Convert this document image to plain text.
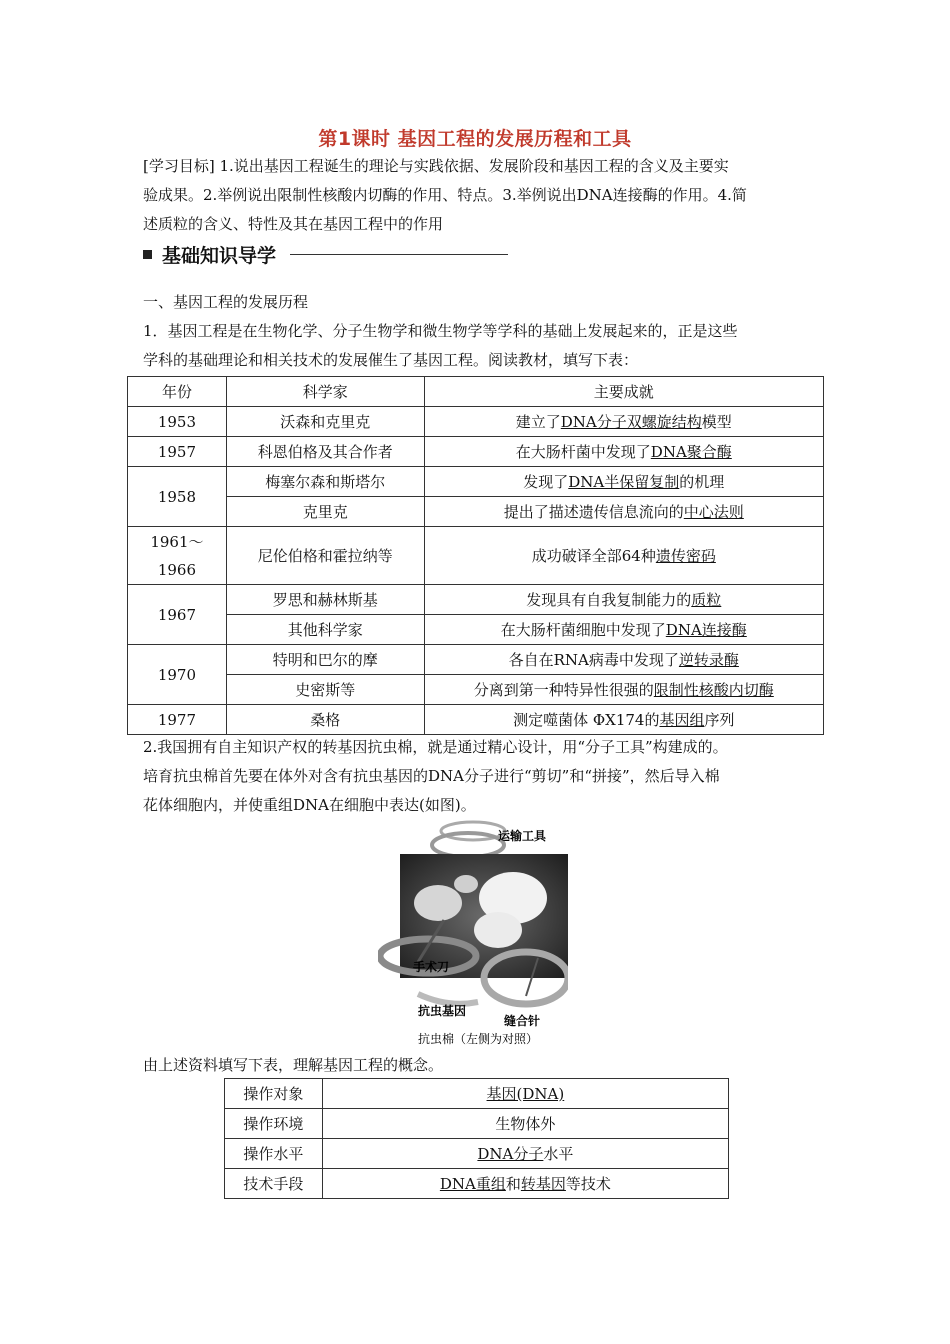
第1课时 基因工程的发展历程和工具
[学习目标] 1.说出基因工程诞生的理论与实践依据、发展阶段和基因工程的含义及主要实
验成果。2.举例说出限制性核酸内切酶的作用、特点。3.举例说出DNA连接酶的作用。4.简
述质粒的含义、特性及其在基因工程中的作用
基础知识导学
一、基因工程的发展历程
1．基因工程是在生物化学、分子生物学和微生物学等学科的基础上发展起来的，正是这些
学科的基础理论和相关技术的发展催生了基因工程。阅读教材，填写下表：
年份	科学家	主要成就
1953	沃森和克里克	建立了DNA分子双螺旋结构模型
1957	科恩伯格及其合作者	在大肠杆菌中发现了DNA聚合酶
1958	梅塞尔森和斯塔尔	发现了DNA半保留复制的机理
	克里克	提出了描述遗传信息流向的中心法则

1961～
1966	尼伦伯格和霍拉纳等	成功破译全部64种遗传密码
1967	罗思和赫林斯基	发现具有自我复制能力的质粒
	其他科学家	在大肠杆菌细胞中发现了DNA连接酶
1970	特明和巴尔的摩	各自在RNA病毒中发现了逆转录酶
	史密斯等	分离到第一种特异性很强的限制性核酸内切酶
1977	桑格	测定噬菌体 ΦX174的基因组序列
2.我国拥有自主知识产权的转基因抗虫棉，就是通过精心设计，用“分子工具”构建成的。
培育抗虫棉首先要在体外对含有抗虫基因的DNA分子进行“剪切”和“拼接”，然后导入棉
花体细胞内，并使重组DNA在细胞中表达(如图)。
运输工具
手术刀
抗虫基因
缝合针
抗虫棉（左侧为对照）
由上述资料填写下表，理解基因工程的概念。
操作对象	基因(DNA)
操作环境	生物体外
操作水平	DNA分子水平
技术手段	DNA重组和转基因等技术
